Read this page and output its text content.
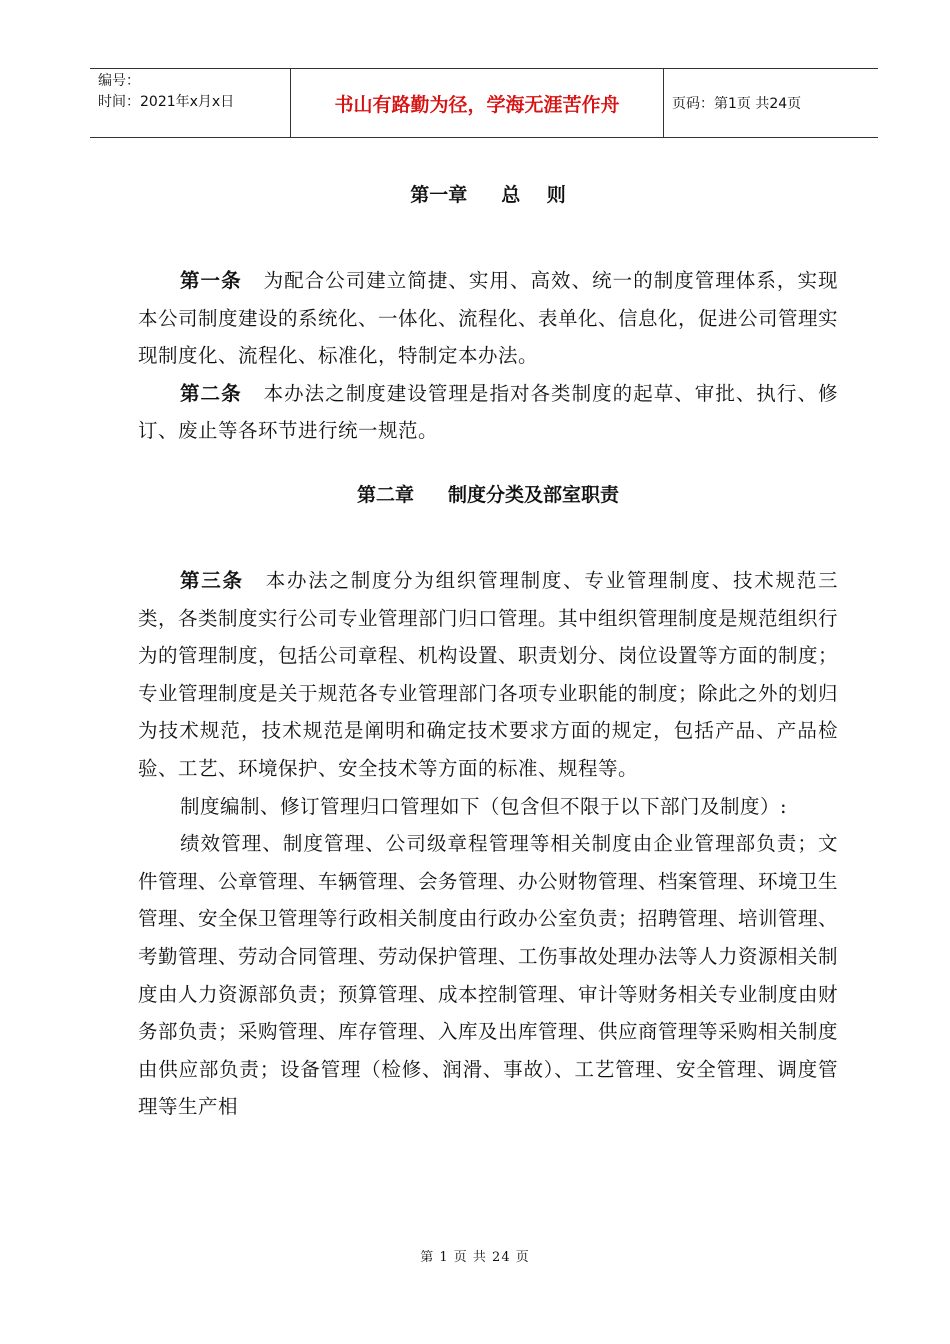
编号：
时间：2021年x月x日	书山有路勤为径，学海无涯苦作舟	页码：第1页 共24页
第一章 总    则

第一条 为配合公司建立简捷、实用、高效、统一的制度管理体系，实现本公司制度建设的系统化、一体化、流程化、表单化、信息化，促进公司管理实现制度化、流程化、标准化，特制定本办法。

第二条 本办法之制度建设管理是指对各类制度的起草、审批、执行、修订、废止等各环节进行统一规范。

第二章 制度分类及部室职责

第三条 本办法之制度分为组织管理制度、专业管理制度、技术规范三类，各类制度实行公司专业管理部门归口管理。其中组织管理制度是规范组织行为的管理制度，包括公司章程、机构设置、职责划分、岗位设置等方面的制度；专业管理制度是关于规范各专业管理部门各项专业职能的制度；除此之外的划归为技术规范，技术规范是阐明和确定技术要求方面的规定，包括产品、产品检验、工艺、环境保护、安全技术等方面的标准、规程等。

制度编制、修订管理归口管理如下（包含但不限于以下部门及制度）:

绩效管理、制度管理、公司级章程管理等相关制度由企业管理部负责；文件管理、公章管理、车辆管理、会务管理、办公财物管理、档案管理、环境卫生管理、安全保卫管理等行政相关制度由行政办公室负责；招聘管理、培训管理、考勤管理、劳动合同管理、劳动保护管理、工伤事故处理办法等人力资源相关制度由人力资源部负责；预算管理、成本控制管理、审计等财务相关专业制度由财务部负责；采购管理、库存管理、入库及出库管理、供应商管理等采购相关制度由供应部负责；设备管理（检修、润滑、事故）、工艺管理、安全管理、调度管理等生产相

第 1 页 共 24 页
